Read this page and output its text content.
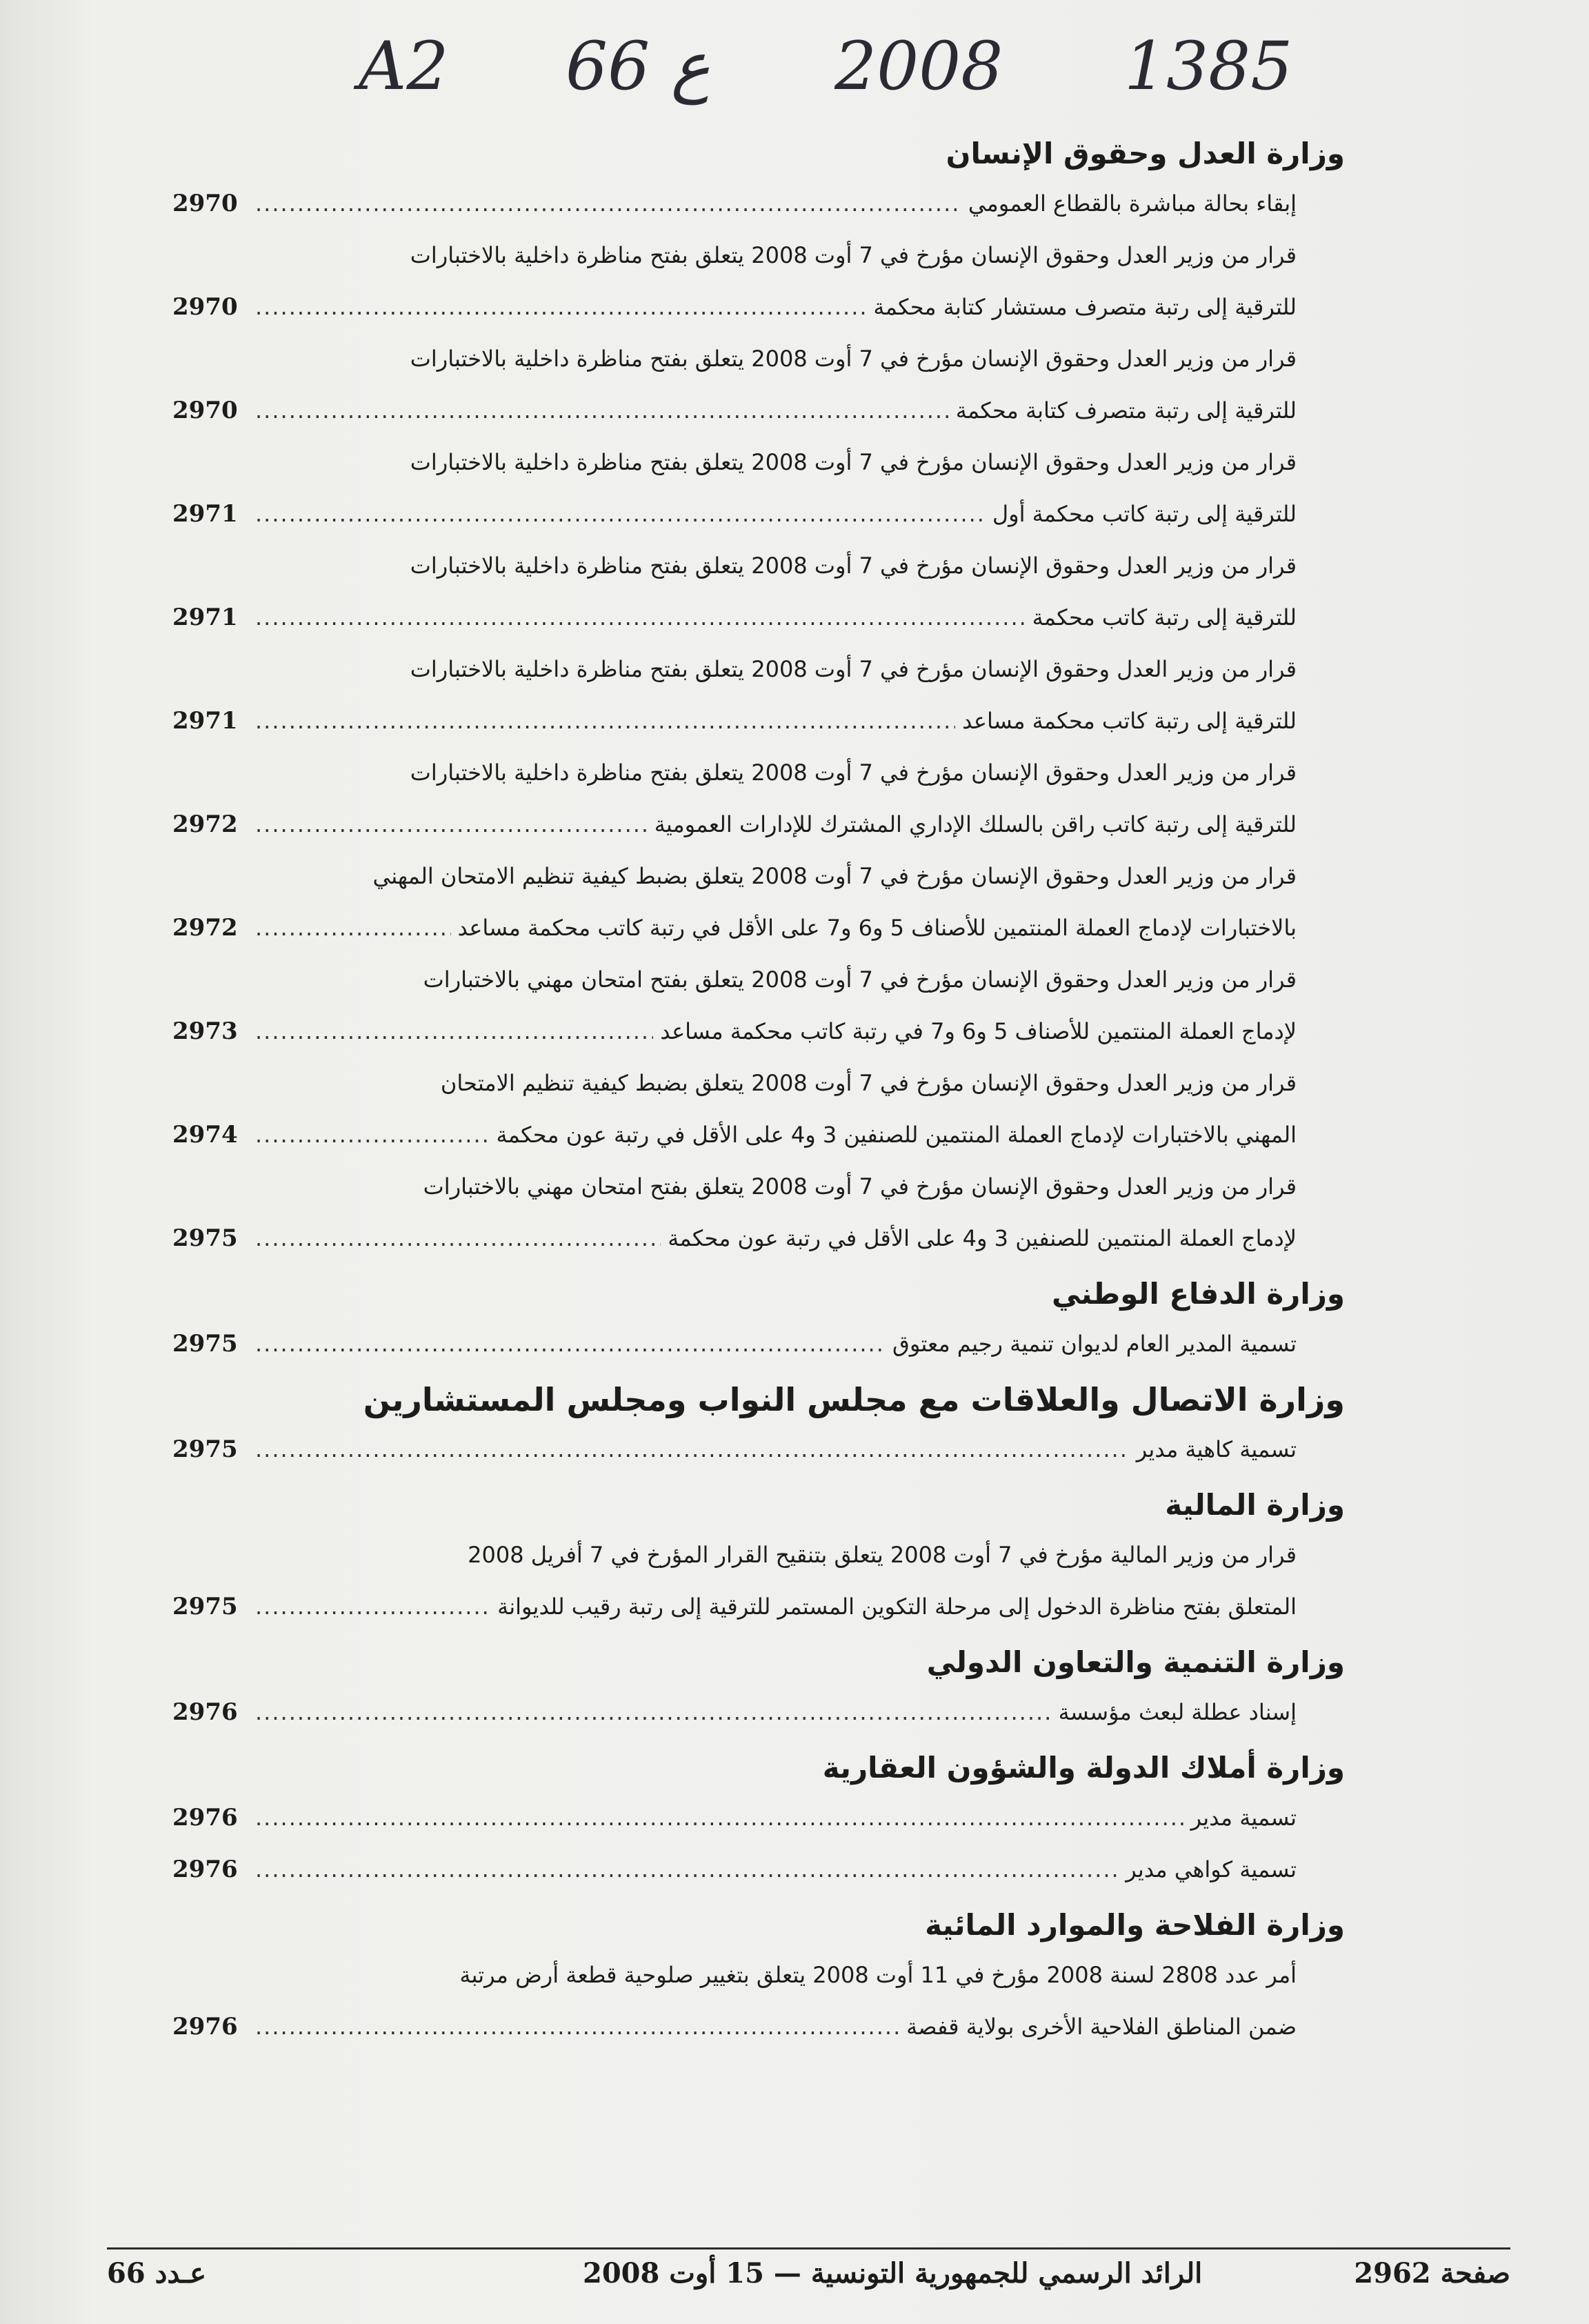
A2 66 ع 2008 1385
وزارة العدل وحقوق الإنسان
إبقاء بحالة مباشرة بالقطاع العمومي
.....
2970
قرار من وزير العدل وحقوق الإنسان مؤرخ في 7 أوت 2008 يتعلق بفتح مناظرة داخلية بالاختبارات
للترقية إلى رتبة متصرف مستشار كتابة محكمة
.....
2970
قرار من وزير العدل وحقوق الإنسان مؤرخ في 7 أوت 2008 يتعلق بفتح مناظرة داخلية بالاختبارات
للترقية إلى رتبة متصرف كتابة محكمة
.....
2970
قرار من وزير العدل وحقوق الإنسان مؤرخ في 7 أوت 2008 يتعلق بفتح مناظرة داخلية بالاختبارات
للترقية إلى رتبة كاتب محكمة أول
.....
2971
قرار من وزير العدل وحقوق الإنسان مؤرخ في 7 أوت 2008 يتعلق بفتح مناظرة داخلية بالاختبارات
للترقية إلى رتبة كاتب محكمة
.....
2971
قرار من وزير العدل وحقوق الإنسان مؤرخ في 7 أوت 2008 يتعلق بفتح مناظرة داخلية بالاختبارات
للترقية إلى رتبة كاتب محكمة مساعد
.....
2971
قرار من وزير العدل وحقوق الإنسان مؤرخ في 7 أوت 2008 يتعلق بفتح مناظرة داخلية بالاختبارات
للترقية إلى رتبة كاتب راقن بالسلك الإداري المشترك للإدارات العمومية
.....
2972
قرار من وزير العدل وحقوق الإنسان مؤرخ في 7 أوت 2008 يتعلق بضبط كيفية تنظيم الامتحان المهني
بالاختبارات لإدماج العملة المنتمين للأصناف 5 و6 و7 على الأقل في رتبة كاتب محكمة مساعد
.....
2972
قرار من وزير العدل وحقوق الإنسان مؤرخ في 7 أوت 2008 يتعلق بفتح امتحان مهني بالاختبارات
لإدماج العملة المنتمين للأصناف 5 و6 و7 في رتبة كاتب محكمة مساعد
.....
2973
قرار من وزير العدل وحقوق الإنسان مؤرخ في 7 أوت 2008 يتعلق بضبط كيفية تنظيم الامتحان
المهني بالاختبارات لإدماج العملة المنتمين للصنفين 3 و4 على الأقل في رتبة عون محكمة
.....
2974
قرار من وزير العدل وحقوق الإنسان مؤرخ في 7 أوت 2008 يتعلق بفتح امتحان مهني بالاختبارات
لإدماج العملة المنتمين للصنفين 3 و4 على الأقل في رتبة عون محكمة
.....
2975
وزارة الدفاع الوطني
تسمية المدير العام لديوان تنمية رجيم معتوق
.....
2975
وزارة الاتصال والعلاقات مع مجلس النواب ومجلس المستشارين
تسمية كاهية مدير
.....
2975
وزارة المالية
قرار من وزير المالية مؤرخ في 7 أوت 2008 يتعلق بتنقيح القرار المؤرخ في 7 أفريل 2008
المتعلق بفتح مناظرة الدخول إلى مرحلة التكوين المستمر للترقية إلى رتبة رقيب للديوانة
.....
2975
وزارة التنمية والتعاون الدولي
إسناد عطلة لبعث مؤسسة
.....
2976
وزارة أملاك الدولة والشؤون العقارية
تسمية مدير
.....
2976
تسمية كواهي مدير
.....
2976
وزارة الفلاحة والموارد المائية
أمر عدد 2808 لسنة 2008 مؤرخ في 11 أوت 2008 يتعلق بتغيير صلوحية قطعة أرض مرتبة
ضمن المناطق الفلاحية الأخرى بولاية قفصة
.....
2976
عـدد 66	الرائد الرسمي للجمهورية التونسية — 15 أوت 2008	صفحة 2962
